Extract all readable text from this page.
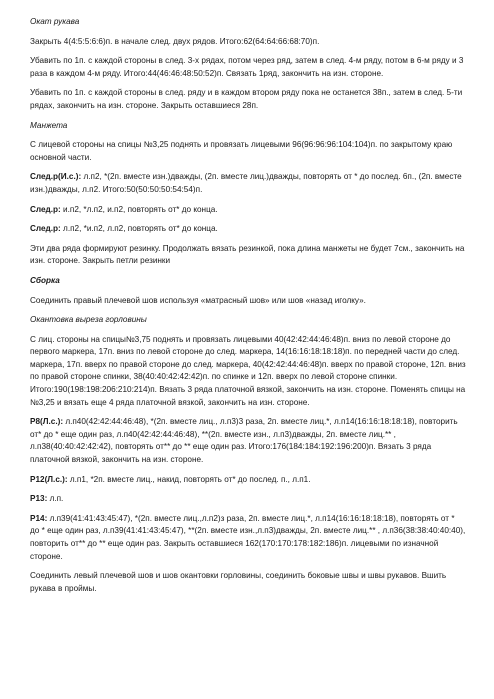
Окат рукава

Закрыть 4(4:5:5:6:6)п. в начале след. двух рядов. Итого:62(64:64:66:68:70)п.

Убавить по 1п. с каждой стороны в след. 3-х рядах, потом через ряд, затем в след. 4-м ряду, потом в 6-м ряду и 3 раза в каждом 4-м ряду. Итого:44(46:46:48:50:52)п. Связать 1ряд, закончить на изн. стороне.

Убавить по 1п. с каждой стороны в след. ряду и в каждом втором ряду пока не останется 38п., затем в след. 5-ти рядах, закончить на изн. стороне. Закрыть оставшиеся 28п.

Манжета

С лицевой стороны на спицы №3,25 поднять и провязать лицевыми 96(96:96:96:104:104)п. по закрытому краю основной части.

След.р(И.с.): л.п2, *(2п. вместе изн.)дважды, (2п. вместе лиц.)дважды, повторять от * до послед. 6п., (2п. вместе изн.)дважды, л.п2. Итого:50(50:50:50:54:54)п.

След.р: и.п2, *л.п2, и.п2, повторять от* до конца.

След.р: л.п2, *и.п2, л.п2, повторять от* до конца.

Эти два ряда формируют резинку. Продолжать вязать резинкой, пока длина манжеты не будет 7см., закончить на изн. стороне. Закрыть петли резинки

Сборка

Соединить правый плечевой шов используя «матрасный шов» или шов «назад иголку».

Окантовка выреза горловины

С лиц. стороны на спицы№3,75 поднять и провязать лицевыми 40(42:42:44:46:48)п. вниз по левой стороне до первого маркера, 17п. вниз по левой стороне до след. маркера, 14(16:16:18:18:18)п. по передней части до след. маркера, 17п. вверх по правой стороне до след. маркера, 40(42:42:44:46:48)п. вверх по правой стороне, 12п. вниз по правой стороне спинки, 38(40:40:42:42:42)п. по спинке и 12п. вверх по левой стороне спинки. Итого:190(198:198:206:210:214)п. Вязать 3 ряда платочной вязкой, закончить на изн. стороне. Поменять спицы на №3,25 и вязать еще 4 ряда платочной вязкой, закончить на изн. стороне.

Р8(Л.с.): л.п40(42:42:44:46:48), *(2п. вместе лиц., л.п3)3 раза, 2п. вместе лиц.*, л.п14(16:16:18:18:18), повторить от* до * еще один раз, л.п40(42:42:44:46:48), **(2п. вместе изн., л.п3)дважды, 2п. вместе лиц.** , л.п38(40:40:42:42:42), повторять от** до ** еще один раз. Итого:176(184:184:192:196:200)п. Вязать 3 ряда платочной вязкой, закончить на изн. стороне.

Р12(Л.с.): л.п1, *2п. вместе лиц., накид, повторять от* до послед. п., л.п1.

Р13: л.п.

Р14: л.п39(41:41:43:45:47), *(2п. вместе лиц.,л.п2)з раза, 2п. вместе лиц.*, л.п14(16:16:18:18:18), повторять от * до * еще один раз, л.п39(41:41:43:45:47), **(2п. вместе изн.,л.п3)дважды, 2п. вместе лиц.** , л.п36(38:38:40:40:40), повторить от** до ** еще один раз. Закрыть оставшиеся 162(170:170:178:182:186)п. лицевыми по изначной стороне.

Соединить левый плечевой шов и шов окантовки горловины, соединить боковые швы и швы рукавов. Вшить рукава в проймы.
